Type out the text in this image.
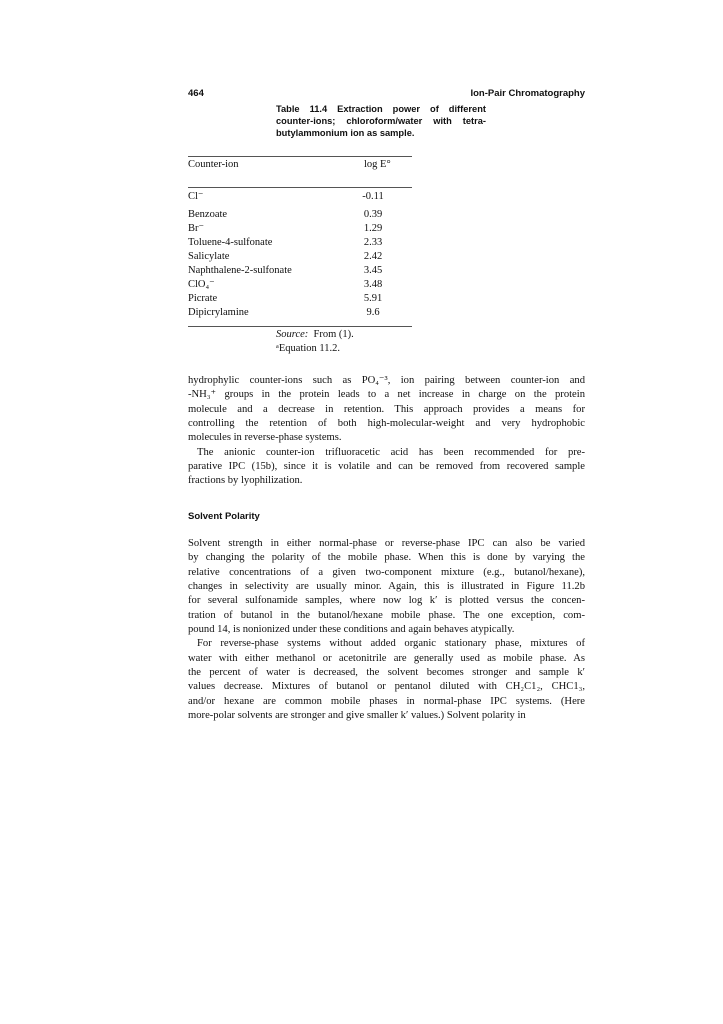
464	Ion-Pair Chromatography
Table 11.4 Extraction power of different
counter-ions; chloroform/water with tetra-
butylammonium ion as sample.
Counter-ion	log E°
Cl⁻	-0.11
Benzoate	0.39
Br⁻	1.29
Toluene-4-sulfonate	2.33
Salicylate	2.42
Naphthalene-2-sulfonate	3.45
ClO₄⁻	3.48
Picrate	5.91
Dipicrylamine	9.6
Source: From (1).
ᵃEquation 11.2.
hydrophylic counter-ions such as PO₄⁻³, ion pairing between counter-ion and
-NH₃⁺ groups in the protein leads to a net increase in charge on the protein
molecule and a decrease in retention. This approach provides a means for
controlling the retention of both high-molecular-weight and very hydrophobic
molecules in reverse-phase systems.
The anionic counter-ion trifluoracetic acid has been recommended for pre-
parative IPC (15b), since it is volatile and can be removed from recovered sample
fractions by lyophilization.
Solvent Polarity
Solvent strength in either normal-phase or reverse-phase IPC can also be varied
by changing the polarity of the mobile phase. When this is done by varying the
relative concentrations of a given two-component mixture (e.g., butanol/hexane),
changes in selectivity are usually minor. Again, this is illustrated in Figure 11.2b
for several sulfonamide samples, where now log k′ is plotted versus the concen-
tration of butanol in the butanol/hexane mobile phase. The one exception, com-
pound 14, is nonionized under these conditions and again behaves atypically.
For reverse-phase systems without added organic stationary phase, mixtures of
water with either methanol or acetonitrile are generally used as mobile phase. As
the percent of water is decreased, the solvent becomes stronger and sample k′
values decrease. Mixtures of butanol or pentanol diluted with CH₂C1₂, CHC1₃,
and/or hexane are common mobile phases in normal-phase IPC systems. (Here
more-polar solvents are stronger and give smaller k′ values.) Solvent polarity in
